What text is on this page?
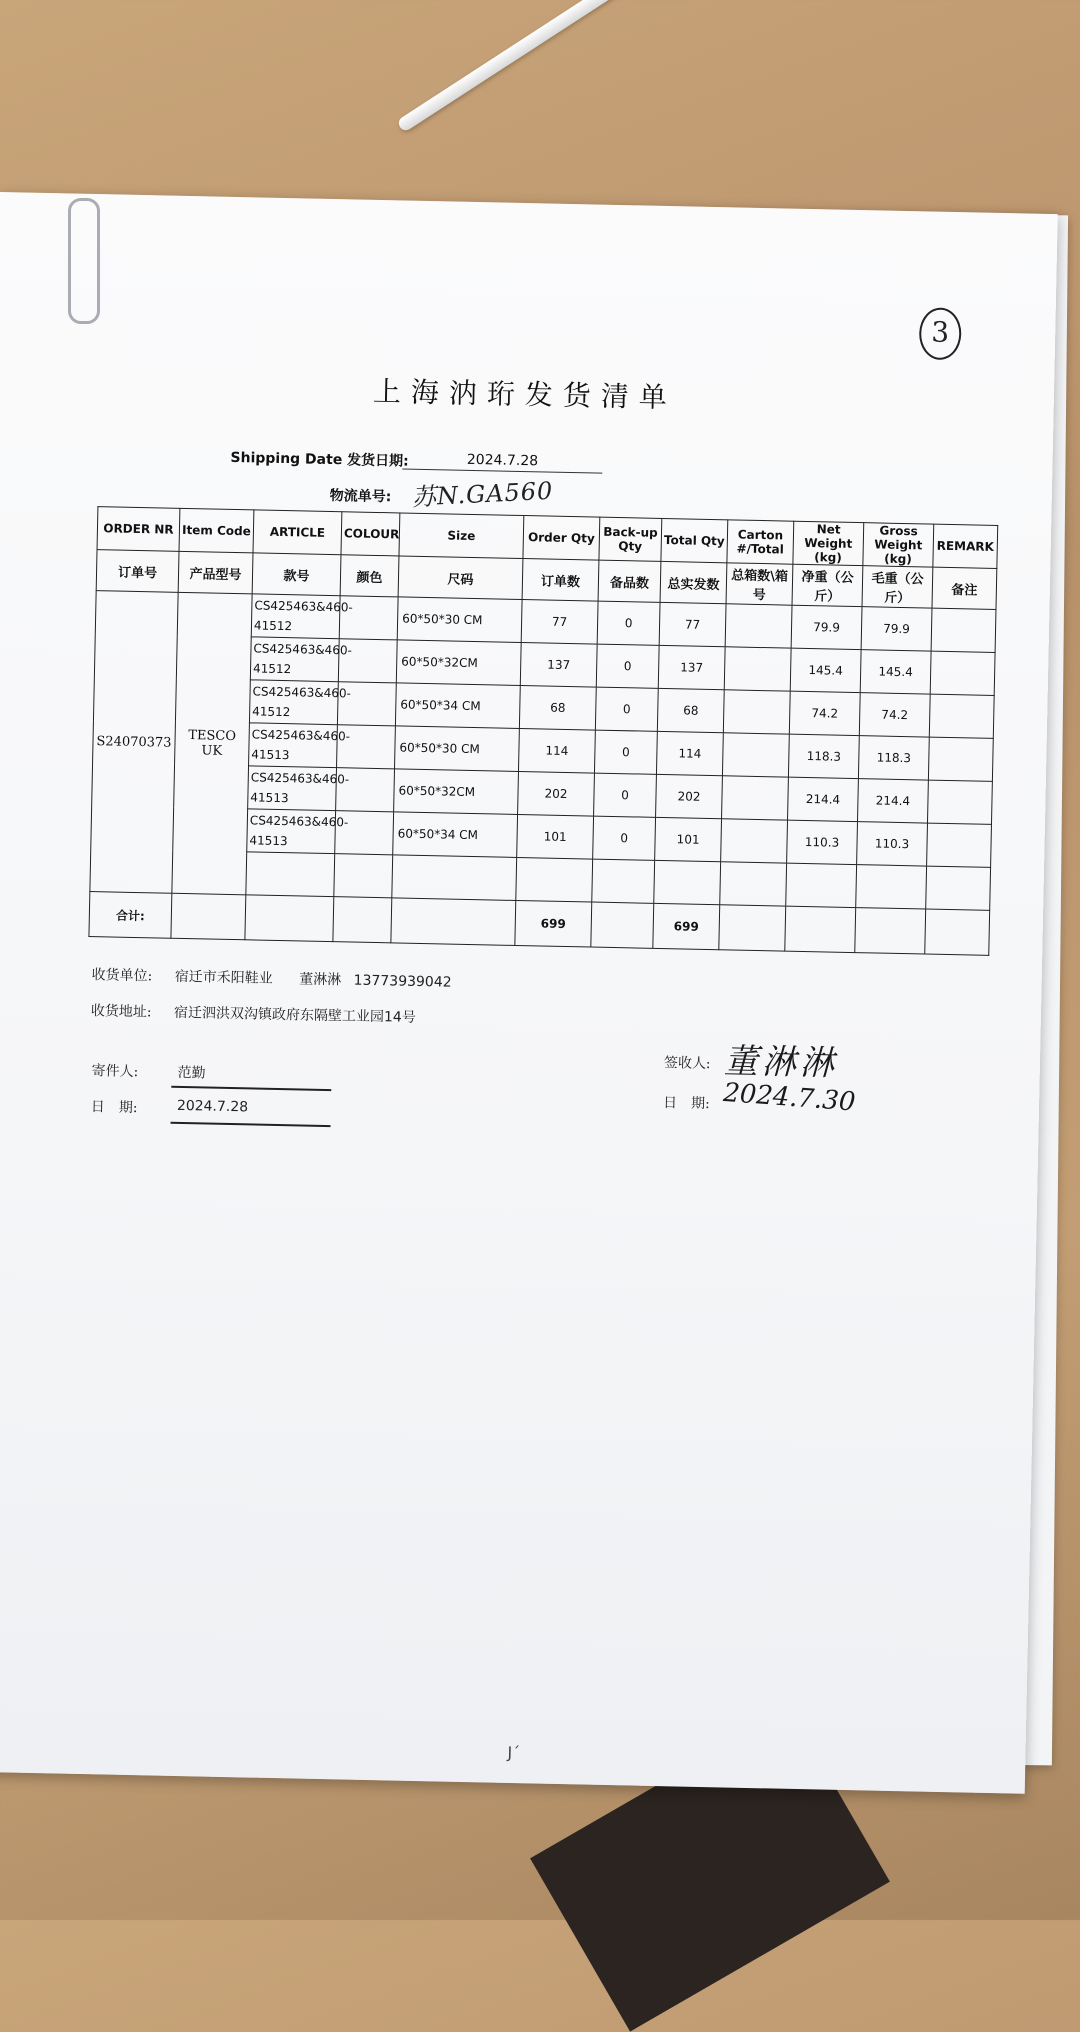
3
上海汭珩发货清单
Shipping Date 发货日期:	2024.7.28
物流单号: 苏N.GA560
ORDER NR	Item Code	ARTICLE	COLOUR	Size	Order Qty	Back-up Qty	Total Qty	Carton #/Total	Net Weight (kg)	Gross Weight (kg)	REMARK
订单号	产品型号	款号	颜色	尺码	订单数	备品数	总实发数	总箱数\箱号	净重（公斤）	毛重（公斤）	备注
S24070373	TESCO UK	CS425463&460-41512		60*50*30 CM	77	0	77		79.9	79.9	
		CS425463&460-41512		60*50*32CM	137	0	137		145.4	145.4	
		CS425463&460-41512		60*50*34 CM	68	0	68		74.2	74.2	
		CS425463&460-41513		60*50*30 CM	114	0	114		118.3	118.3	
		CS425463&460-41513		60*50*32CM	202	0	202		214.4	214.4	
		CS425463&460-41513		60*50*34 CM	101	0	101		110.3	110.3	

合计:					699		699				
收货单位: 宿迁市禾阳鞋业 董淋淋 13773939042
收货地址: 宿迁泗洪双沟镇政府东隔壁工业园14号
寄件人:	范勤
日　期:	2024.7.28
签收人: 董淋淋
日　期: 2024.7.30
J´
